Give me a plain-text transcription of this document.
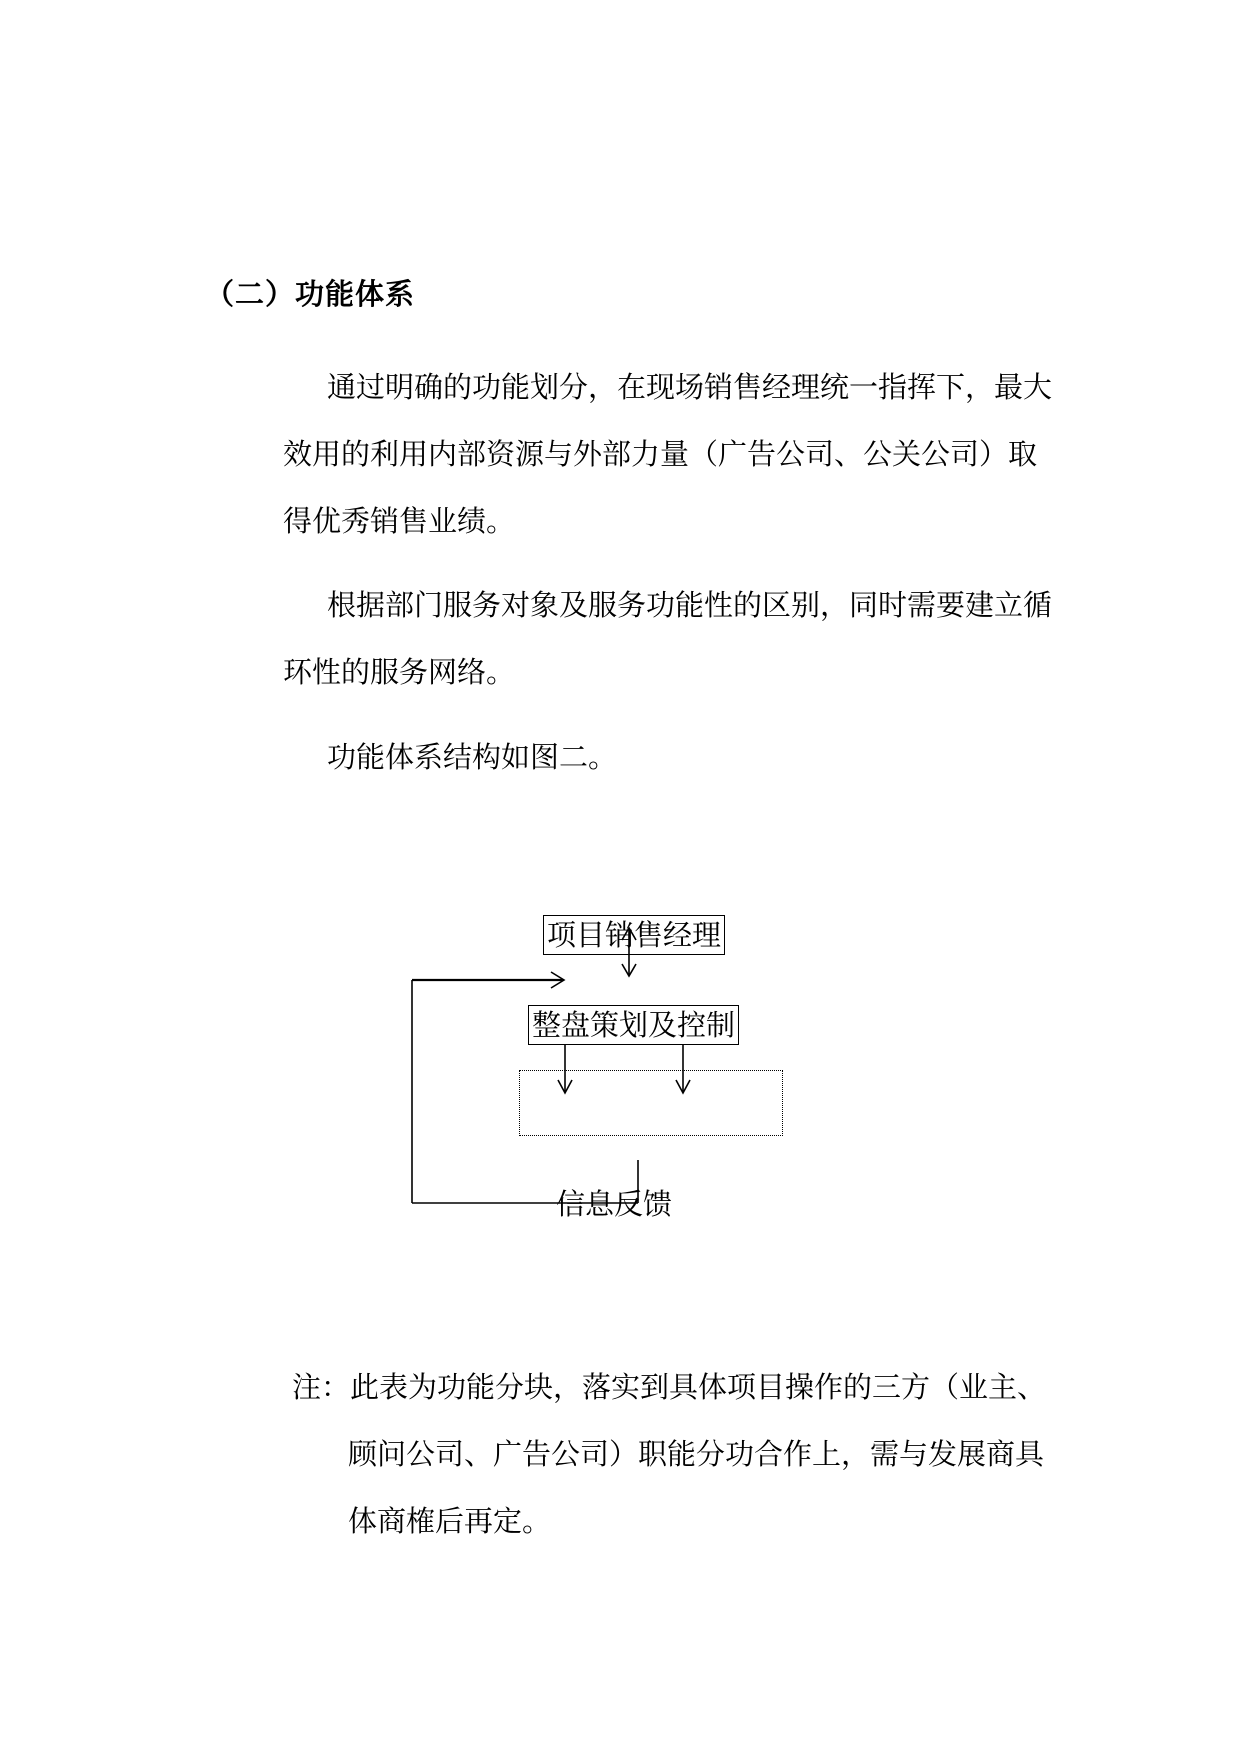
（二）功能体系
通过明确的功能划分，在现场销售经理统一指挥下，最大
效用的利用内部资源与外部力量（广告公司、公关公司）取
得优秀销售业绩。
根据部门服务对象及服务功能性的区别，同时需要建立循
环性的服务网络。
功能体系结构如图二。
项目销售经理
整盘策划及控制
信息反馈
注：此表为功能分块，落实到具体项目操作的三方（业主、
顾问公司、广告公司）职能分功合作上，需与发展商具
体商榷后再定。
